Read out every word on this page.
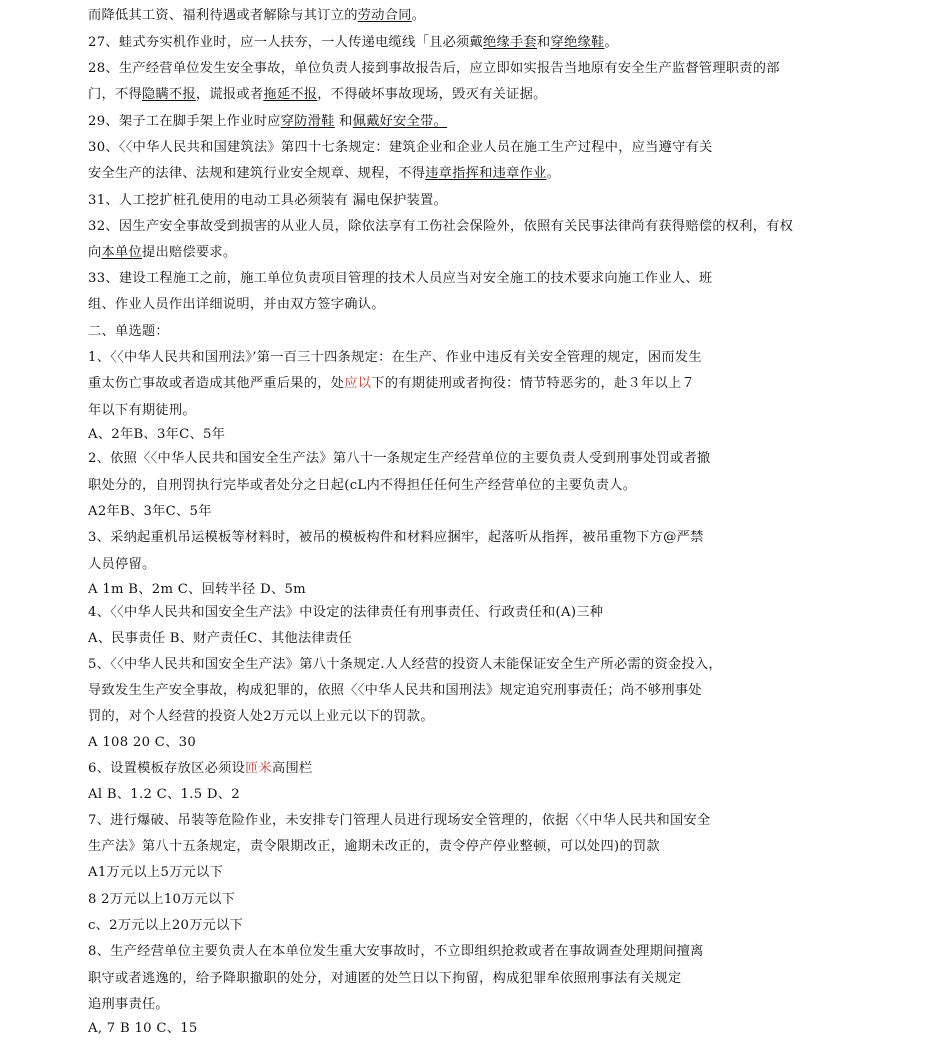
而降低其工资、福利待遇或者解除与其订立的劳动合同。
27、蛙式夯实机作业时，应一人扶夯，一人传递电缆线「且必须戴绝缘手套和穿绝缘鞋。
28、生产经营单位发生安全事故，单位负责人接到事故报告后，应立即如实报告当地原有安全生产监督管理职责的部
门，不得隐瞒不报，谎报或者拖延不报，不得破坏事故现场，毁灭有关证据。
29、架子工在脚手架上作业时应穿防滑鞋 和佩戴好安全带。
30、〈〈中华人民共和国建筑法》第四十七条规定：建筑企业和企业人员在施工生产过程中，应当遵守有关
安全生产的法律、法规和建筑行业安全规章、规程，不得违章指挥和违章作业。
31、人工挖扩桩孔使用的电动工具必须装有 漏电保护装置。
32、因生产安全事故受到损害的从业人员，除依法享有工伤社会保险外，依照有关民事法律尚有获得赔偿的权利，有权
向本单位提出赔偿要求。
33、建设工程施工之前，施工单位负责项目管理的技术人员应当对安全施工的技术要求向施工作业人、班
组、作业人员作出详细说明，并由双方签字确认。
二、单选题：
1、〈〈中华人民共和国刑法》’第一百三十四条规定：在生产、作业中违反有关安全管理的规定，困而发生
重太伤亡事故或者造成其他严重后果的，处应以下的有期徒刑或者拘役：情节特恶劣的，赴３年以上７
年以下有期徒刑。
A、2年B、3年C、5年
2、依照〈〈中华人民共和国安全生产法》第八十一条规定生产经营单位的主要负责人受到刑事处罚或者撤
职处分的，自刑罚执行完毕或者处分之日起(cL内不得担任任何生产经营单位的主要负责人。
A2年B、3年C、5年
3、采纳起重机吊运模板等材料时，被吊的模板构件和材料应捆牢，起落听从指挥，被吊重物下方@严禁
人员停留。
A 1m B、2m C、回转半径 D、5m
4、〈〈中华人民共和国安全生产法》中设定的法律责任有刑事责任、行政责任和(A)三种
A、民事责任 B、财产责任C、其他法律责任
5、〈〈中华人民共和国安全生产法》第八十条规定.人人经营的投资人未能保证安全生产所必需的资金投入，
导致发生生产安全事故，构成犯罪的，依照〈〈中华人民共和国刑法》规定追究刑事责任；尚不够刑事处
罚的，对个人经营的投资人处2万元以上业元以下的罚款。
A 108 20 C、30
6、设置模板存放区必须设匝米高围栏
Al B、1.2 C、1.5 D、2
7、进行爆破、吊装等危险作业，未安排专门管理人员进行现场安全管理的，依据〈〈中华人民共和国安全
生产法》第八十五条规定，责令限期改正，逾期未改正的，责令停产停业整顿，可以处四)的罚款
A1万元以上5万元以下
8 2万元以上10万元以下
c、2万元以上20万元以下
8、生产经营单位主要负责人在本单位发生重大安事故时，不立即组织抢救或者在事故调查处理期间擅离
职守或者逃逸的，给予降职撤职的处分，对逋匿的处竺日以下拘留，构成犯罪牟依照刑事法有关规定
追刑事责任。
A, 7 B 10 C、15
